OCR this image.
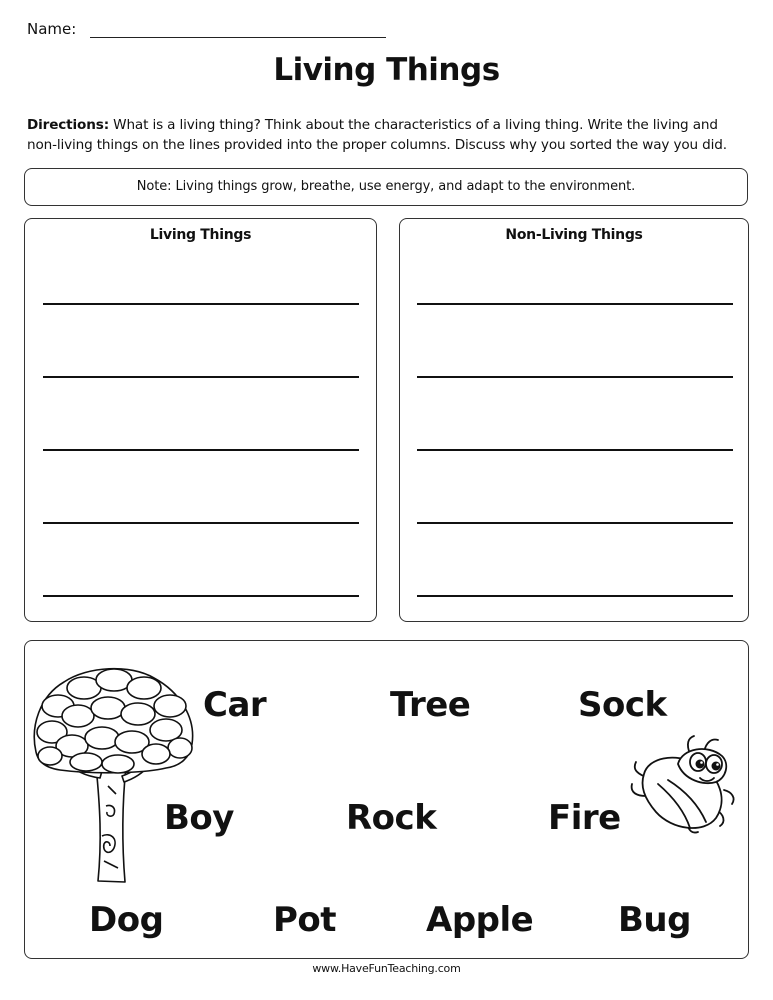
Name:
Living Things
Directions: What is a living thing? Think about the characteristics of a living thing. Write the living and non-living things on the lines provided into the proper columns. Discuss why you sorted the way you did.
Note: Living things grow, breathe, use energy, and adapt to the environment.
Living Things	Non-Living Things
Car	Tree	Sock
Boy	Rock	Fire
Dog	Pot	Apple Bug
www.HaveFunTeaching.com
